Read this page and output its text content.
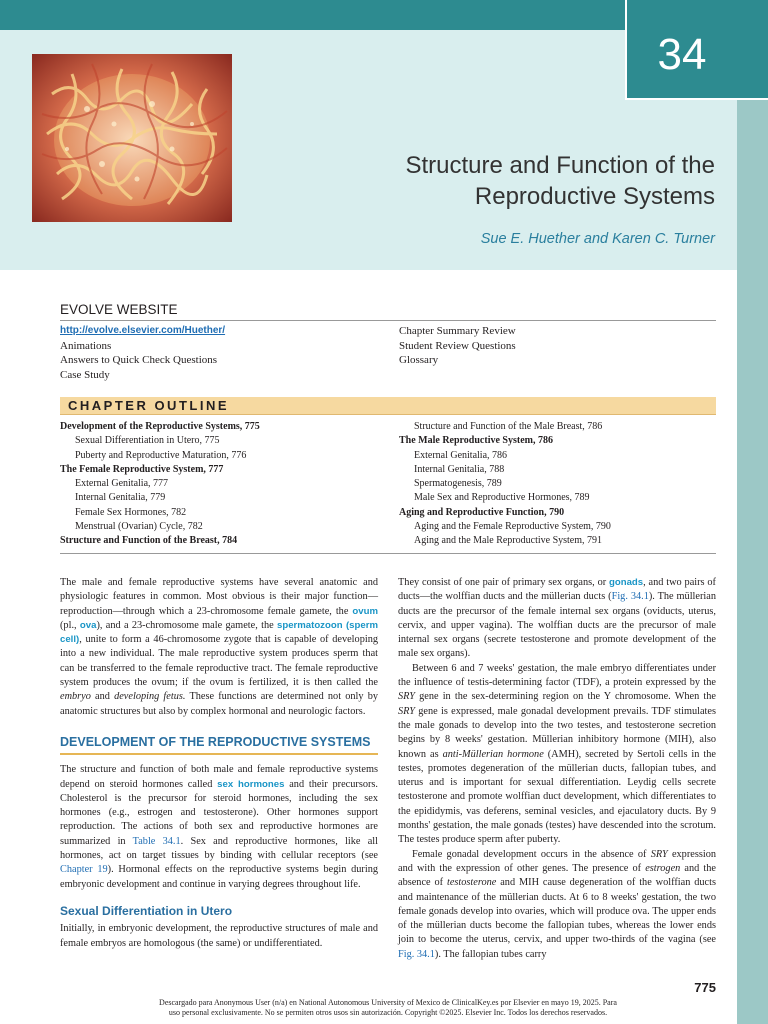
34
Structure and Function of the
Reproductive Systems
Sue E. Huether and Karen C. Turner
EVOLVE WEBSITE
http://evolve.elsevier.com/Huether/
Animations
Answers to Quick Check Questions
Case Study
Chapter Summary Review
Student Review Questions
Glossary
CHAPTER OUTLINE
Development of the Reproductive Systems, 775
Sexual Differentiation in Utero, 775
Puberty and Reproductive Maturation, 776
The Female Reproductive System, 777
External Genitalia, 777
Internal Genitalia, 779
Female Sex Hormones, 782
Menstrual (Ovarian) Cycle, 782
Structure and Function of the Breast, 784
Structure and Function of the Male Breast, 786
The Male Reproductive System, 786
External Genitalia, 786
Internal Genitalia, 788
Spermatogenesis, 789
Male Sex and Reproductive Hormones, 789
Aging and Reproductive Function, 790
Aging and the Female Reproductive System, 790
Aging and the Male Reproductive System, 791

The male and female reproductive systems have several anatomic and physiologic features in common. Most obvious is their major function—reproduction—through which a 23-chromosome female gamete, the ovum (pl., ova), and a 23-chromosome male gamete, the spermatozoon (sperm cell), unite to form a 46-chromosome zygote that is capable of developing into a new individual. The male reproductive system produces sperm that can be transferred to the female reproductive tract. The female reproductive system produces the ovum; if the ovum is fertilized, it is then called the embryo and developing fetus. These functions are determined not only by anatomic structures but also by complex hormonal and neurologic factors.

DEVELOPMENT OF THE REPRODUCTIVE SYSTEMS

The structure and function of both male and female reproductive systems depend on steroid hormones called sex hormones and their precursors. Cholesterol is the precursor for steroid hormones, including the sex hormones (e.g., estrogen and testosterone). Other hormones support reproduction. The actions of both sex and reproductive hormones are summarized in Table 34.1. Sex and reproductive hormones, like all hormones, act on target tissues by binding with cellular receptors (see Chapter 19). Hormonal effects on the reproductive systems begin during embryonic development and continue in varying degrees throughout life.

Sexual Differentiation in Utero

Initially, in embryonic development, the reproductive structures of male and female embryos are homologous (the same) or undifferentiated.

They consist of one pair of primary sex organs, or gonads, and two pairs of ducts—the wolffian ducts and the müllerian ducts (Fig. 34.1). The müllerian ducts are the precursor of the female internal sex organs (oviducts, uterus, cervix, and upper vagina). The wolffian ducts are the precursor of male internal sex organs (secrete testosterone and promote development of the male sex organs).

Between 6 and 7 weeks' gestation, the male embryo differentiates under the influence of testis-determining factor (TDF), a protein expressed by the SRY gene in the sex-determining region on the Y chromosome. When the SRY gene is expressed, male gonadal development prevails. TDF stimulates the male gonads to develop into the two testes, and testosterone secretion begins by 8 weeks' gestation. Müllerian inhibitory hormone (MIH), also known as anti-Müllerian hormone (AMH), secreted by Sertoli cells in the testes, promotes degeneration of the müllerian ducts, fallopian tubes, and uterus and is important for sexual differentiation. Leydig cells secrete testosterone and promote wolffian duct development, which differentiates to the epididymis, vas deferens, seminal vesicles, and ejaculatory ducts. By 9 months' gestation, the male gonads (testes) have descended into the scrotum. The testes produce sperm after puberty.

Female gonadal development occurs in the absence of SRY expression and with the expression of other genes. The presence of estrogen and the absence of testosterone and MIH cause degeneration of the wolffian ducts and maintenance of the müllerian ducts. At 6 to 8 weeks' gestation, the two female gonads develop into ovaries, which will produce ova. The upper ends of the müllerian ducts become the fallopian tubes, whereas the lower ends join to become the uterus, cervix, and upper two-thirds of the vagina (see Fig. 34.1). The fallopian tubes carry

775
Descargado para Anonymous User (n/a) en National Autonomous University of Mexico de ClinicalKey.es por Elsevier en mayo 19, 2025. Para
uso personal exclusivamente. No se permiten otros usos sin autorización. Copyright ©2025. Elsevier Inc. Todos los derechos reservados.
